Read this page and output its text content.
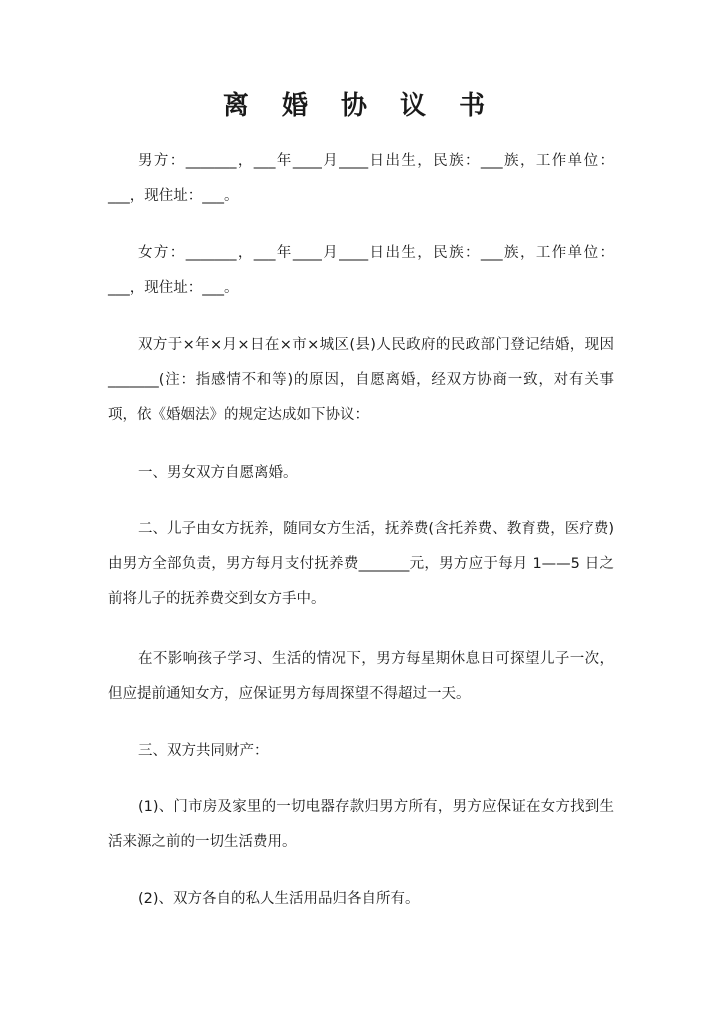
离 婚 协 议 书

男方：_______，___年____月____日出生，民族：___族，工作单位：___，现住址：___。

女方：_______，___年____月____日出生，民族：___族，工作单位：___，现住址：___。

双方于×年×月×日在×市×城区(县)人民政府的民政部门登记结婚，现因_______(注：指感情不和等)的原因，自愿离婚，经双方协商一致，对有关事项，依《婚姻法》的规定达成如下协议：

一、男女双方自愿离婚。

二、儿子由女方抚养，随同女方生活，抚养费(含托养费、教育费，医疗费)由男方全部负责，男方每月支付抚养费_______元，男方应于每月 1——5 日之前将儿子的抚养费交到女方手中。

在不影响孩子学习、生活的情况下，男方每星期休息日可探望儿子一次，但应提前通知女方，应保证男方每周探望不得超过一天。

三、双方共同财产：

(1)、门市房及家里的一切电器存款归男方所有，男方应保证在女方找到生活来源之前的一切生活费用。

(2)、双方各自的私人生活用品归各自所有。
